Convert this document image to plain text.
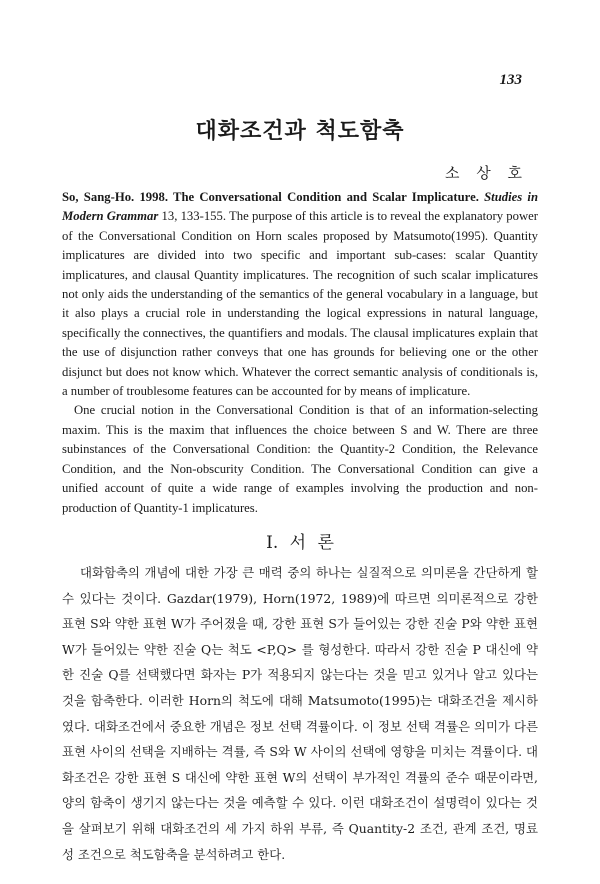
133
대화조건과 척도함축
소 상 호

So, Sang-Ho. 1998. The Conversational Condition and Scalar Implicature. Studies in Modern Grammar 13, 133-155. The purpose of this article is to reveal the explanatory power of the Conversational Condition on Horn scales proposed by Matsumoto(1995). Quantity implicatures are divided into two specific and important sub-cases: scalar Quantity implicatures, and clausal Quantity implicatures. The recognition of such scalar implicatures not only aids the understanding of the semantics of the general vocabulary in a language, but it also plays a crucial role in understanding the logical expressions in natural language, specifically the connectives, the quantifiers and modals. The clausal implicatures explain that the use of disjunction rather conveys that one has grounds for believing one or the other disjunct but does not know which. Whatever the correct semantic analysis of conditionals is, a number of troublesome features can be accounted for by means of implicature.

One crucial notion in the Conversational Condition is that of an information-selecting maxim. This is the maxim that influences the choice between S and W. There are three subinstances of the Conversational Condition: the Quantity-2 Condition, the Relevance Condition, and the Non-obscurity Condition. The Conversational Condition can give a unified account of quite a wide range of examples involving the production and non-production of Quantity-1 implicatures.

I. 서 론

대화함축의 개념에 대한 가장 큰 매력 중의 하나는 실질적으로 의미론을 간단하게 할 수 있다는 것이다. Gazdar(1979), Horn(1972, 1989)에 따르면 의미론적으로 강한 표현 S와 약한 표현 W가 주어졌을 때, 강한 표현 S가 들어있는 강한 진술 P와 약한 표현 W가 들어있는 약한 진술 Q는 척도 <P,Q> 를 형성한다. 따라서 강한 진술 P 대신에 약한 진술 Q를 선택했다면 화자는 P가 적용되지 않는다는 것을 믿고 있거나 알고 있다는 것을 함축한다. 이러한 Horn의 척도에 대해 Matsumoto(1995)는 대화조건을 제시하였다. 대화조건에서 중요한 개념은 정보 선택 격률이다. 이 정보 선택 격률은 의미가 다른 표현 사이의 선택을 지배하는 격률, 즉 S와 W 사이의 선택에 영향을 미치는 격률이다. 대화조건은 강한 표현 S 대신에 약한 표현 W의 선택이 부가적인 격률의 준수 때문이라면, 양의 함축이 생기지 않는다는 것을 예측할 수 있다. 이런 대화조건이 설명력이 있다는 것을 살펴보기 위해 대화조건의 세 가지 하위 부류, 즉 Quantity-2 조건, 관계 조건, 명료성 조건으로 척도함축을 분석하려고 한다.
